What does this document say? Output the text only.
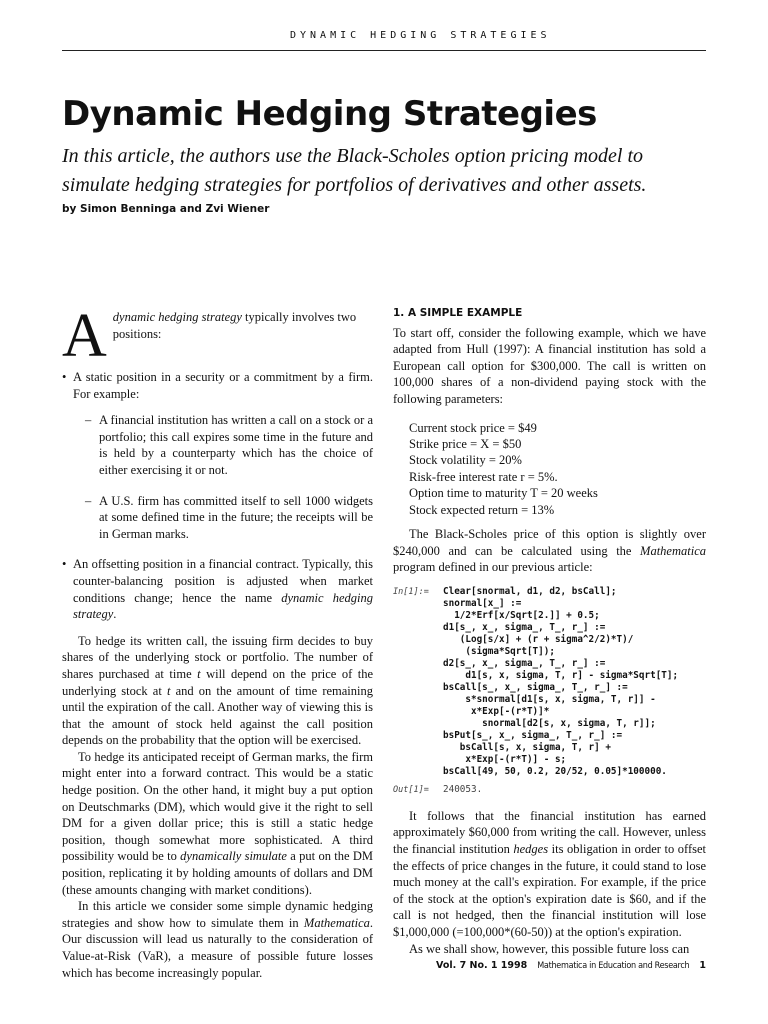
DYNAMIC HEDGING STRATEGIES
Dynamic Hedging Strategies

In this article, the authors use the Black-Scholes option pricing model to simulate hedging strategies for portfolios of derivatives and other assets.

by Simon Benninga and Zvi Wiener

A dynamic hedging strategy typically involves two positions:

• A static position in a security or a commitment by a firm. For example:
– A financial institution has written a call on a stock or a portfolio; this call expires some time in the future and is held by a counterparty which has the choice of either exercising it or not.
– A U.S. firm has committed itself to sell 1000 widgets at some defined time in the future; the receipts will be in German marks.
• An offsetting position in a financial contract. Typically, this counter-balancing position is adjusted when market conditions change; hence the name dynamic hedging strategy.

To hedge its written call, the issuing firm decides to buy shares of the underlying stock or portfolio. The number of shares purchased at time t will depend on the price of the underlying stock at t and on the amount of time remaining until the expiration of the call. Another way of viewing this is that the amount of stock held against the call position depends on the probability that the option will be exercised.

To hedge its anticipated receipt of German marks, the firm might enter into a forward contract. This would be a static hedge position. On the other hand, it might buy a put option on Deutschmarks (DM), which would give it the right to sell DM for a given dollar price; this is still a static hedge position, though somewhat more sophisticated. A third possibility would be to dynamically simulate a put on the DM position, replicating it by holding amounts of dollars and DM (these amounts changing with market conditions).

In this article we consider some simple dynamic hedging strategies and show how to simulate them in Mathematica. Our discussion will lead us naturally to the consideration of Value-at-Risk (VaR), a measure of possible future losses which has become increasingly popular.

1. A SIMPLE EXAMPLE

To start off, consider the following example, which we have adapted from Hull (1997): A financial institution has sold a European call option for $300,000. The call is written on 100,000 shares of a non-dividend paying stock with the following parameters:

Current stock price = $49
Strike price = X = $50
Stock volatility = 20%
Risk-free interest rate r = 5%.
Option time to maturity T = 20 weeks
Stock expected return = 13%

The Black-Scholes price of this option is slightly over $240,000 and can be calculated using the Mathematica program defined in our previous article:

In[1]:=	Clear[snormal, d1, d2, bsCall];
snormal[x_] :=
1/2*Erf[x/Sqrt[2.]] + 0.5;
d1[s_, x_, sigma_, T_, r_] :=
(Log[s/x] + (r + sigma^2/2)*T)/
(sigma*Sqrt[T]);
d2[s_, x_, sigma_, T_, r_] :=
d1[s, x, sigma, T, r] - sigma*Sqrt[T];
bsCall[s_, x_, sigma_, T_, r_] :=
s*snormal[d1[s, x, sigma, T, r]] -
x*Exp[-(r*T)]*
snormal[d2[s, x, sigma, T, r]];
bsPut[s_, x_, sigma_, T_, r_] :=
bsCall[s, x, sigma, T, r] +
x*Exp[-(r*T)] - s;
bsCall[49, 50, 0.2, 20/52, 0.05]*100000.
Out[1]=	240053.

It follows that the financial institution has earned approximately $60,000 from writing the call. However, unless the financial institution hedges its obligation in order to offset the effects of price changes in the future, it could stand to lose much money at the call's expiration. For example, if the price of the stock at the option's expiration date is $60, and if the call is not hedged, then the financial institution will lose $1,000,000 (=100,000*(60-50)) at the option's expiration.

As we shall show, however, this possible future loss can

Vol. 7 No. 1 1998 Mathematica in Education and Research 1
